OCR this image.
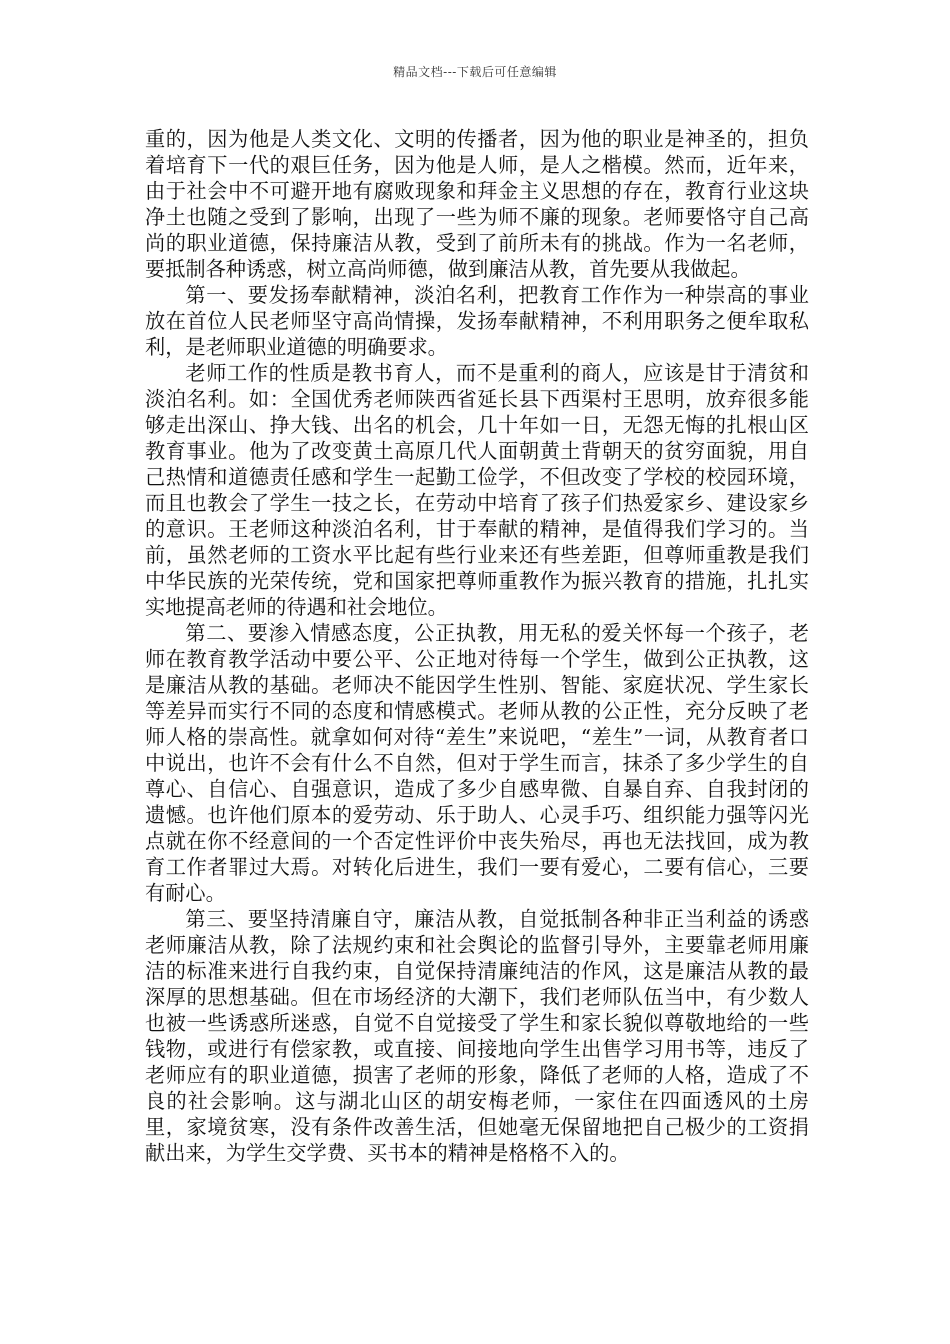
精品文档---下载后可任意编辑

重的，因为他是人类文化、文明的传播者，因为他的职业是神圣的，担负着培育下一代的艰巨任务，因为他是人师，是人之楷模。然而，近年来，由于社会中不可避开地有腐败现象和拜金主义思想的存在，教育行业这块净土也随之受到了影响，出现了一些为师不廉的现象。老师要恪守自己高尚的职业道德，保持廉洁从教，受到了前所未有的挑战。作为一名老师，要抵制各种诱惑，树立高尚师德，做到廉洁从教，首先要从我做起。

第一、要发扬奉献精神，淡泊名利，把教育工作作为一种崇高的事业放在首位人民老师坚守高尚情操，发扬奉献精神，不利用职务之便牟取私利，是老师职业道德的明确要求。

老师工作的性质是教书育人，而不是重利的商人，应该是甘于清贫和淡泊名利。如：全国优秀老师陕西省延长县下西渠村王思明，放弃很多能够走出深山、挣大钱、出名的机会，几十年如一日，无怨无悔的扎根山区教育事业。他为了改变黄土高原几代人面朝黄土背朝天的贫穷面貌，用自己热情和道德责任感和学生一起勤工俭学，不但改变了学校的校园环境，而且也教会了学生一技之长，在劳动中培育了孩子们热爱家乡、建设家乡的意识。王老师这种淡泊名利，甘于奉献的精神，是值得我们学习的。当前，虽然老师的工资水平比起有些行业来还有些差距，但尊师重教是我们中华民族的光荣传统，党和国家把尊师重教作为振兴教育的措施，扎扎实实地提高老师的待遇和社会地位。

第二、要渗入情感态度，公正执教，用无私的爱关怀每一个孩子，老师在教育教学活动中要公平、公正地对待每一个学生，做到公正执教，这是廉洁从教的基础。老师决不能因学生性别、智能、家庭状况、学生家长等差异而实行不同的态度和情感模式。老师从教的公正性，充分反映了老师人格的崇高性。就拿如何对待“差生”来说吧，“差生”一词，从教育者口中说出，也许不会有什么不自然，但对于学生而言，抹杀了多少学生的自尊心、自信心、自强意识，造成了多少自感卑微、自暴自弃、自我封闭的遗憾。也许他们原本的爱劳动、乐于助人、心灵手巧、组织能力强等闪光点就在你不经意间的一个否定性评价中丧失殆尽，再也无法找回，成为教育工作者罪过大焉。对转化后进生，我们一要有爱心，二要有信心，三要有耐心。

第三、要坚持清廉自守，廉洁从教，自觉抵制各种非正当利益的诱惑老师廉洁从教，除了法规约束和社会舆论的监督引导外，主要靠老师用廉洁的标准来进行自我约束，自觉保持清廉纯洁的作风，这是廉洁从教的最深厚的思想基础。但在市场经济的大潮下，我们老师队伍当中，有少数人也被一些诱惑所迷惑，自觉不自觉接受了学生和家长貌似尊敬地给的一些钱物，或进行有偿家教，或直接、间接地向学生出售学习用书等，违反了老师应有的职业道德，损害了老师的形象，降低了老师的人格，造成了不良的社会影响。这与湖北山区的胡安梅老师，一家住在四面透风的土房里，家境贫寒，没有条件改善生活，但她毫无保留地把自己极少的工资捐献出来，为学生交学费、买书本的精神是格格不入的。
